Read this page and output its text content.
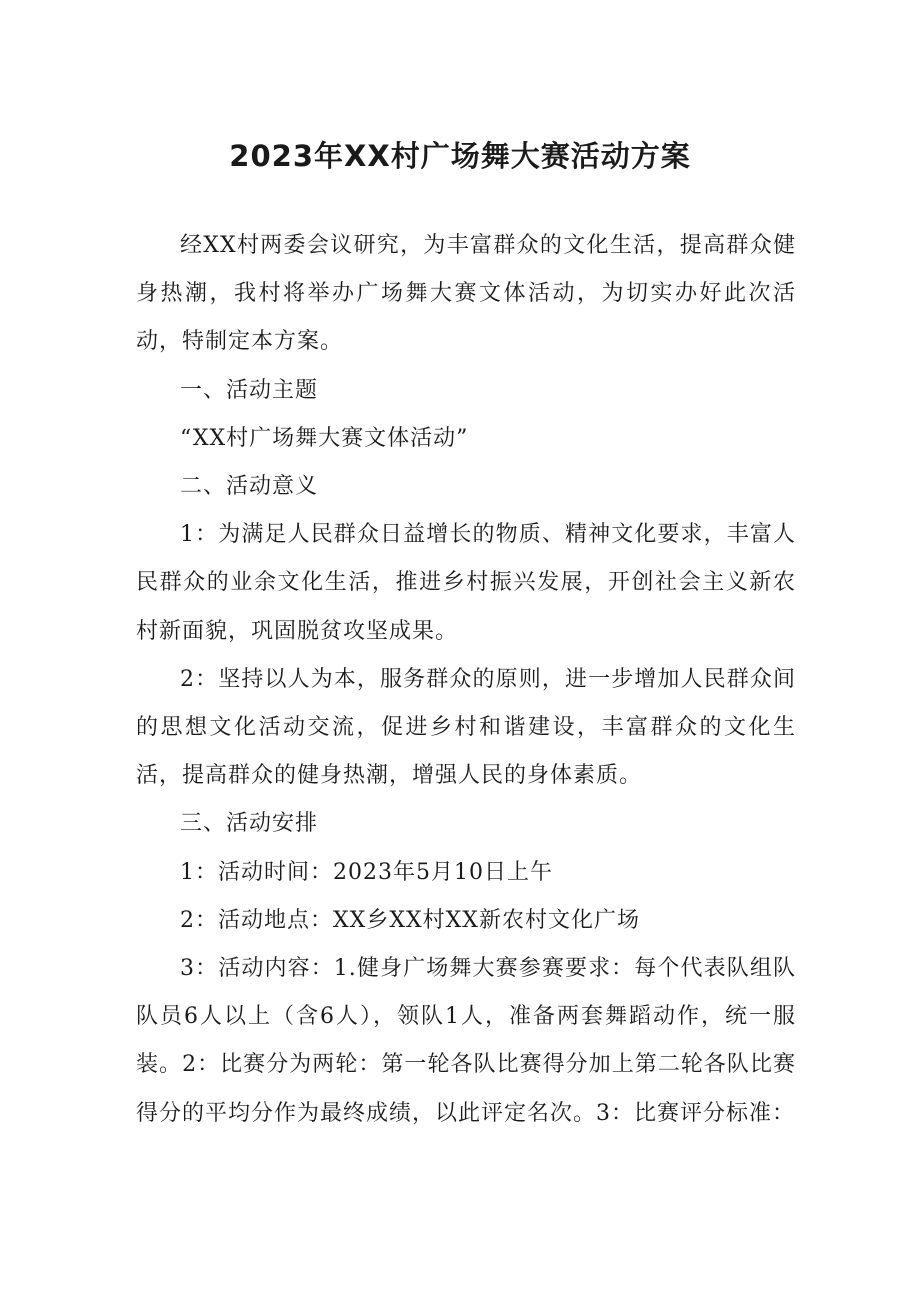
2023年XX村广场舞大赛活动方案

经XX村两委会议研究，为丰富群众的文化生活，提高群众健身热潮，我村将举办广场舞大赛文体活动，为切实办好此次活动，特制定本方案。

一、活动主题

“XX村广场舞大赛文体活动”

二、活动意义

1：为满足人民群众日益增长的物质、精神文化要求，丰富人民群众的业余文化生活，推进乡村振兴发展，开创社会主义新农村新面貌，巩固脱贫攻坚成果。

2：坚持以人为本，服务群众的原则，进一步增加人民群众间的思想文化活动交流，促进乡村和谐建设，丰富群众的文化生活，提高群众的健身热潮，增强人民的身体素质。

三、活动安排

1：活动时间：2023年5月10日上午

2：活动地点：XX乡XX村XX新农村文化广场

3：活动内容：1.健身广场舞大赛参赛要求：每个代表队组队队员6人以上（含6人），领队1人，准备两套舞蹈动作，统一服装。2：比赛分为两轮：第一轮各队比赛得分加上第二轮各队比赛得分的平均分作为最终成绩，以此评定名次。3：比赛评分标准：
